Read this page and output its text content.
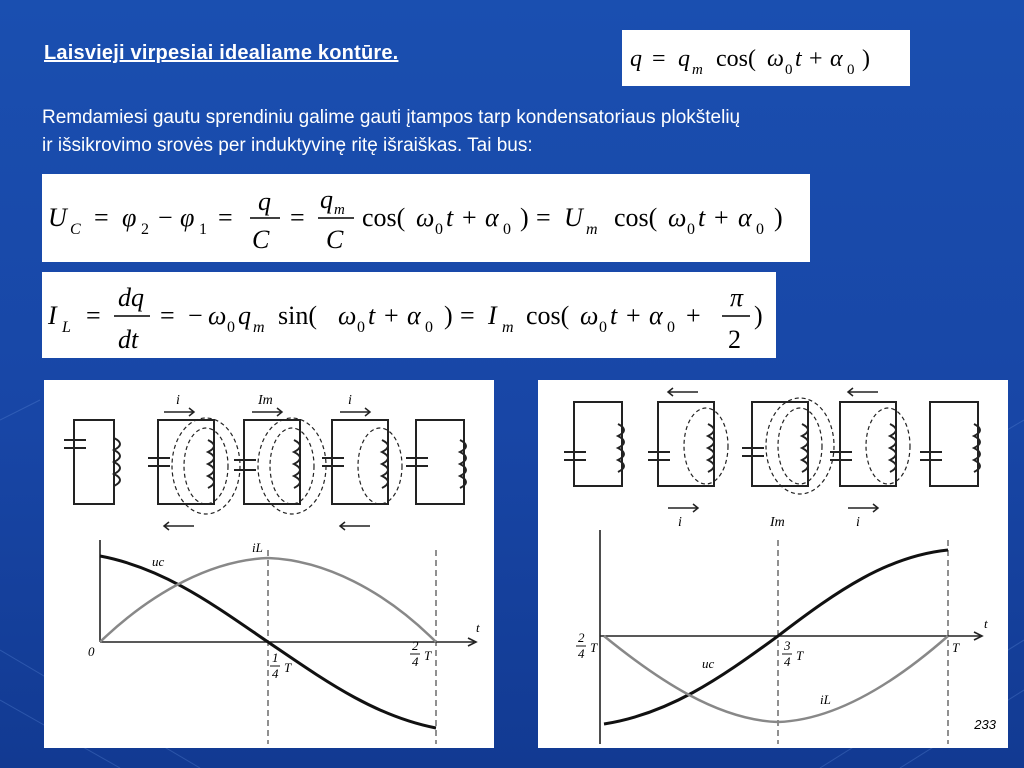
Laisvieji virpesiai idealiame kontūre.	q = q m cos( ω 0 t + α 0 )
Remdamiesi gautu sprendiniu galime gauti įtampos tarp kondensatoriaus plokštelių
ir išsikrovimo srovės per induktyvinę ritę išraiškas. Tai bus:
U C = φ 2 − φ 1 =
q
C
=
q m
C
cos( ω 0 t + α 0 ) = U m cos( ω 0 t + α 0 )
I L =
dq
dt
= − ω 0 q m sin( ω 0 t + α 0 ) = I m cos( ω 0 t + α 0 +
π
2
)
i	Im	i
uc
iL
t
0	1
4 T
2
4 T
i	Im	i
uc
iL
t
2
4 T	3
4 T
T
233
